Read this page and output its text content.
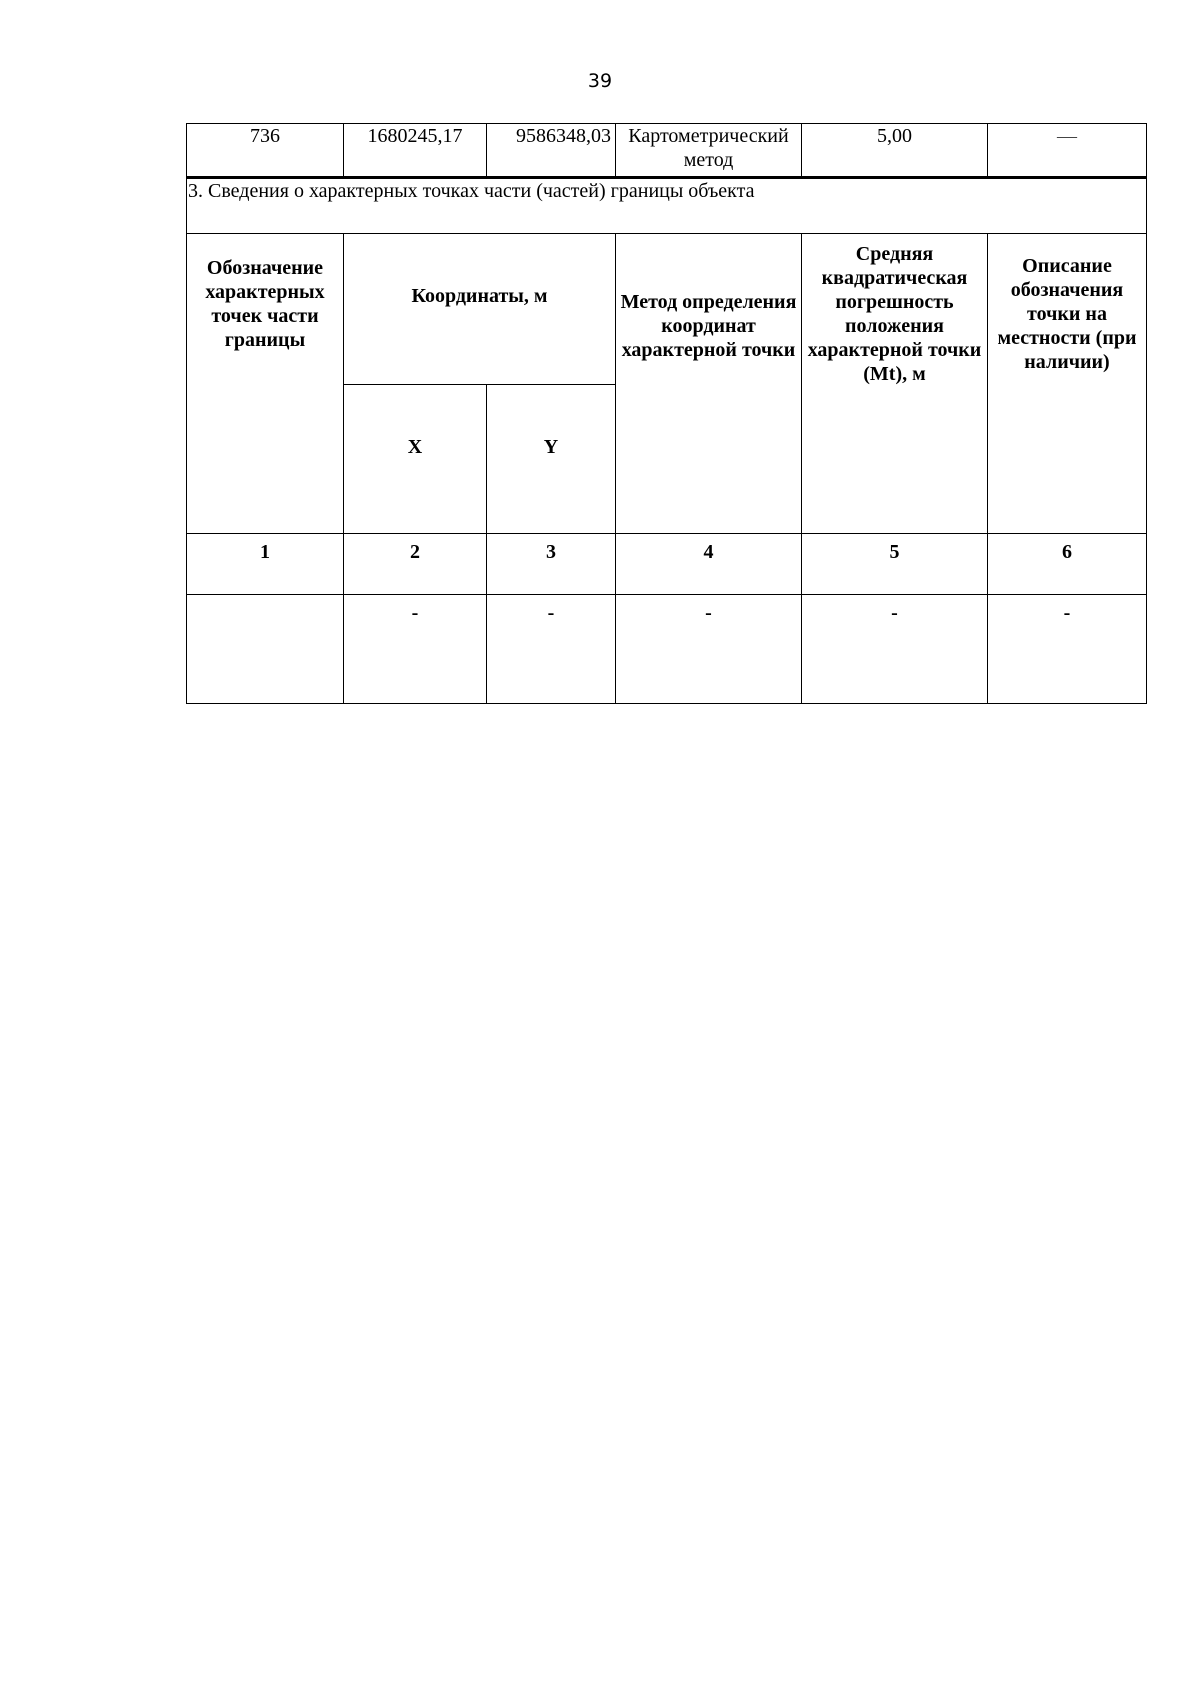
39
736	1680245,17	9586348,03	Картометрический метод	5,00	—
3. Сведения о характерных точках части (частей) границы объекта					
Обозначение характерных точек части границы	Координаты, м		Метод определения координат характерной точки	Средняя квадратическая погрешность положения характерной точки (Mt), м	Описание обозначения точки на местности (при наличии)
	X	Y			
1	2	3	4	5	6
	-	-	-	-	-
